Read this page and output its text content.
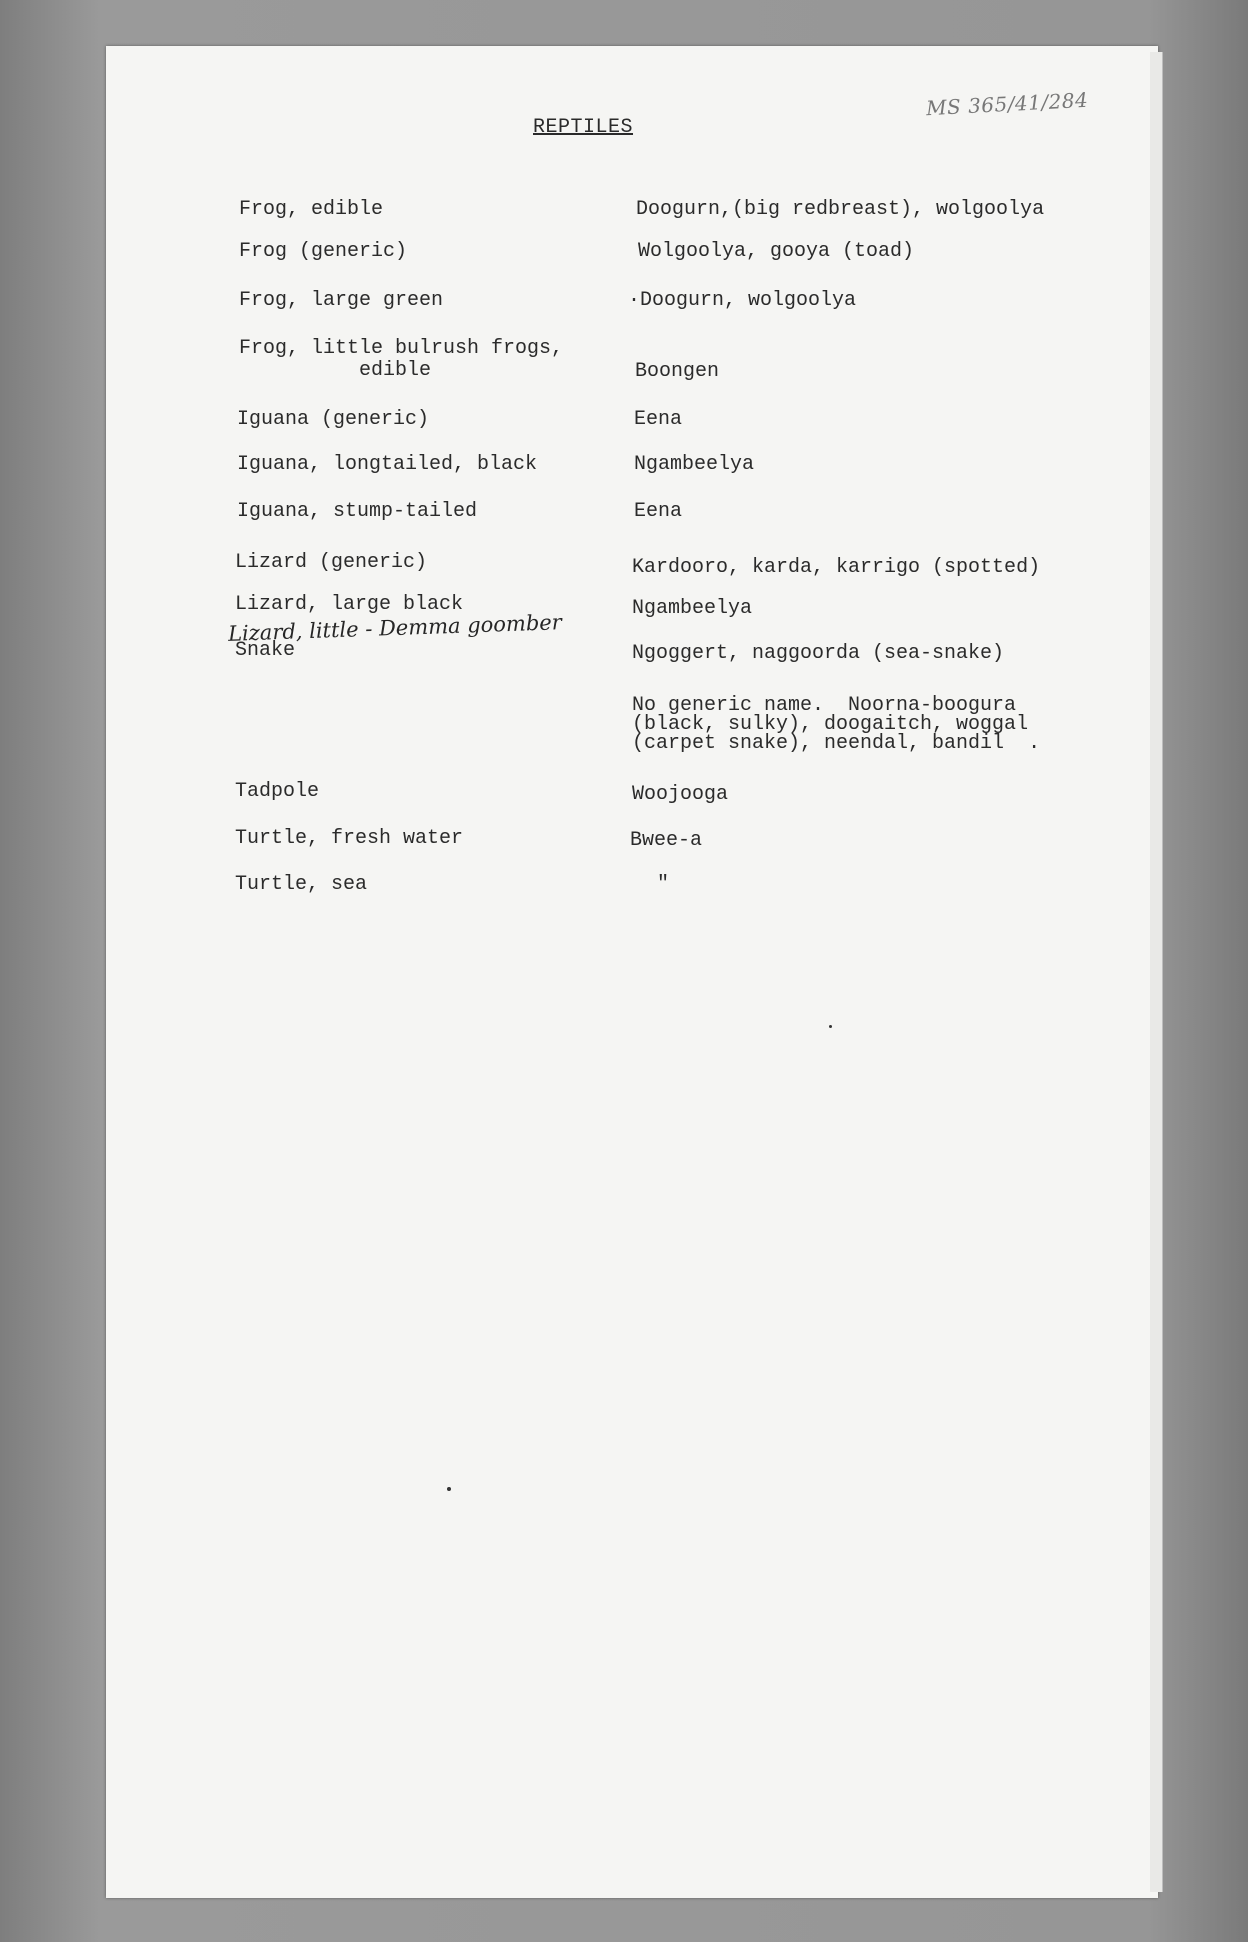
MS 365/41/284
REPTILES
Frog, edible
Frog (generic)
Frog, large green
Frog, little bulrush frogs,
edible
Iguana (generic)
Iguana, longtailed, black
Iguana, stump-tailed
Lizard (generic)
Lizard, large black
Snake
Tadpole
Turtle, fresh water
Turtle, sea
Lizard, little - Demma goomber
Doogurn,(big redbreast), wolgoolya
Wolgoolya, gooya (toad)
·Doogurn, wolgoolya
Boongen
Eena
Ngambeelya
Eena
Kardooro, karda, karrigo (spotted)
Ngambeelya
Ngoggert, naggoorda (sea-snake)
No generic name.  Noorna-boogura
(black, sulky), doogaitch, woggal
(carpet snake), neendal, bandil  .
Woojooga
Bwee-a
"
